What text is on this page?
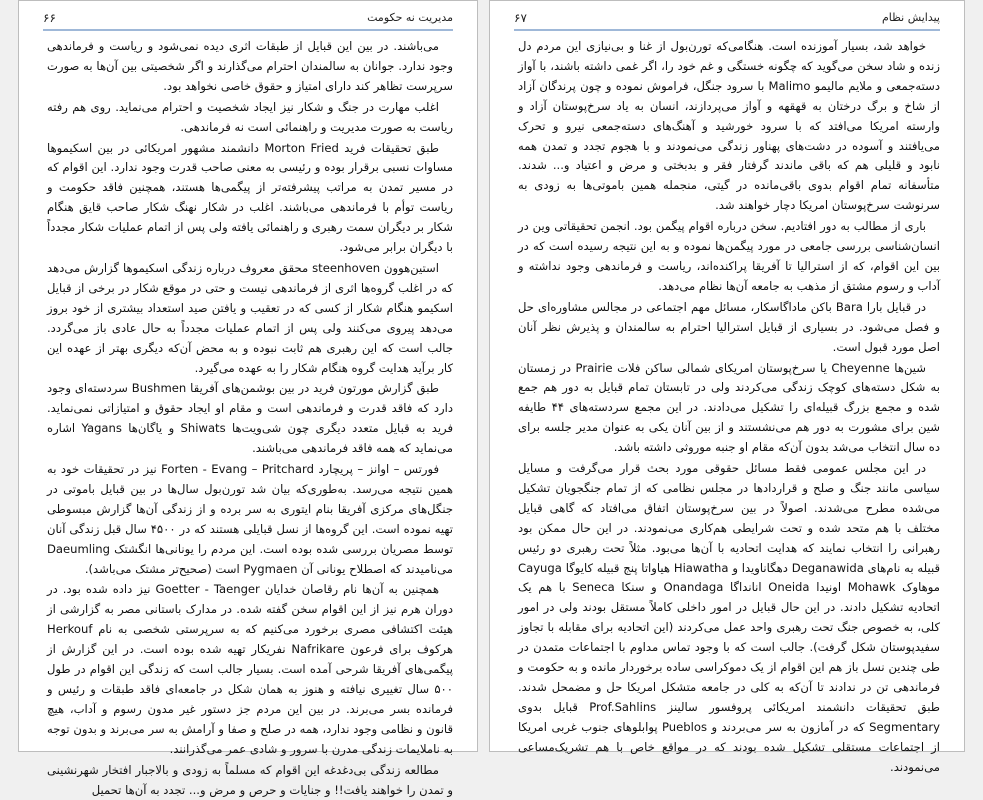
۶۶	مدیریت نه حکومت

می‌باشند. در بین این قبایل از طبقات اثری دیده نمی‌شود و ریاست و فرماندهی وجود ندارد. جوانان به سالمندان احترام می‌گذارند و اگر شخصیتی بین آن‌ها به صورت سرپرست تظاهر کند دارای امتیاز و حقوق خاصی نخواهد بود.

اغلب مهارت در جنگ و شکار نیز ایجاد شخصیت و احترام می‌نماید. روی هم رفته ریاست به صورت مدیریت و راهنمائی است نه فرماندهی.

طبق تحقیقات فرید Morton Fried دانشمند مشهور امریکائی در بین اسکیموها مساوات نسبی برقرار بوده و رئیسی به معنی صاحب قدرت وجود ندارد. این اقوام که در مسیر تمدن به مراتب پیشرفته‌تر از پیگمی‌ها هستند، همچنین فاقد حکومت و ریاست توأم با فرماندهی می‌باشند. اغلب در شکار نهنگ شکار صاحب قایق هنگام شکار بر دیگران سمت رهبری و راهنمائی یافته ولی پس از اتمام عملیات شکار مجدداً با دیگران برابر می‌شود.

استین‌هوون steenhoven محقق معروف درباره زندگی اسکیموها گزارش می‌دهد که در اغلب گروه‌ها اثری از فرماندهی نیست و حتی در موقع شکار در برخی از قبایل اسکیمو هنگام شکار از کسی که در تعقیب و یافتن صید استعداد بیشتری از خود بروز می‌دهد پیروی می‌کنند ولی پس از اتمام عملیات مجدداً به حال عادی باز می‌گردد. جالب است که این رهبری هم ثابت نبوده و به محض آن‌که دیگری بهتر از عهده این کار برآید هدایت گروه هنگام شکار را به عهده می‌گیرد.

طبق گزارش مورتون فرید در بین بوشمن‌های آفریقا Bushmen سردسته‌ای وجود دارد که فاقد قدرت و فرماندهی است و مقام او ایجاد حقوق و امتیازاتی نمی‌نماید. فرید به قبایل متعدد دیگری چون شی‌ویت‌ها Shiwats و یاگان‌ها Yagans اشاره می‌نماید که همه فاقد فرماندهی می‌باشند.

فورتس – اوانز – پریچارد Forten - Evang – Pritchard نیز در تحقیقات خود به همین نتیجه می‌رسد. به‌طوری‌که بیان شد تورن‌بول سال‌ها در بین قبایل باموتی در جنگل‌های مرکزی آفریقا بنام ایتوری به سر برده و از زندگی آن‌ها گزارش مبسوطی تهیه نموده است. این گروه‌ها از نسل قبایلی هستند که در ۴۵۰۰ سال قبل زندگی آنان توسط مصریان بررسی شده بوده است. این مردم را یونانی‌ها انگشتک Daeumling می‌نامیدند که اصطلاح یونانی آن Pygmaen است (صحیح‌تر مشتک می‌باشد).

همچنین به آن‌ها نام رقاصان خدایان Goetter - Taenger نیز داده شده بود. در دوران هرم نیز از این اقوام سخن گفته شده. در مدارک باستانی مصر به گزارشی از هیئت اکتشافی مصری برخورد می‌کنیم که به سرپرستی شخصی به نام Herkouf هرکوف برای فرعون Nafrikare نفریکار تهیه شده بوده است. در این گزارش از پیگمی‌های آفریقا شرحی آمده است. بسیار جالب است که زندگی این اقوام در طول ۵۰۰ سال تغییری نیافته و هنوز به همان شکل در جامعه‌ای فاقد طبقات و رئیس و فرمانده بسر می‌برند. در بین این مردم جز دستور غیر مدون رسوم و آداب، هیچ قانون و نظامی وجود ندارد، همه در صلح و صفا و آرامش به سر می‌برند و بدون توجه به ناملایمات زندگی مدرن با سرور و شادی عمر می‌گذرانند.

مطالعه زندگی بی‌دغدغه این اقوام که مسلماً به زودی و بالاجبار افتخار شهرنشینی و تمدن را خواهند یافت!! و جنایات و حرص و مرض و... تجدد به آن‌ها تحمیل

۶۷	پیدایش نظام

خواهد شد، بسیار آموزنده است. هنگامی‌که تورن‌بول از غنا و بی‌نیازی این مردم دل زنده و شاد سخن می‌گوید که چگونه خستگی و غم خود را، اگر غمی داشته باشند، با آواز دسته‌جمعی و ملایم مالیمو Malimo با سرود جنگل، فراموش نموده و چون پرندگان آزاد از شاخ و برگ درختان به قهقهه و آواز می‌پردازند، انسان به یاد سرخ‌پوستان آزاد و وارسته امریکا می‌افتد که با سرود خورشید و آهنگ‌های دسته‌جمعی نیرو و تحرک می‌یافتند و آسوده در دشت‌های پهناور زندگی می‌نمودند و با هجوم تجدد و تمدن همه نابود و قلیلی هم که باقی ماندند گرفتار فقر و بدبختی و مرض و اعتیاد و... شدند. متأسفانه تمام اقوام بدوی باقی‌مانده در گیتی، منجمله همین باموتی‌ها به زودی به سرنوشت سرخ‌پوستان امریکا دچار خواهند شد.

باری از مطالب به دور افتادیم. سخن درباره اقوام پیگمن بود. انجمن تحقیقاتی وین در انسان‌شناسی بررسی جامعی در مورد پیگمن‌ها نموده و به این نتیجه رسیده است که در بین این اقوام، که از استرالیا تا آفریقا پراکنده‌اند، ریاست و فرماندهی وجود نداشته و آداب و رسوم مشتق از مذهب به جامعه آن‌ها نظام می‌دهد.

در قبایل بارا Bara باکن ماداگاسکار، مسائل مهم اجتماعی در مجالس مشاوره‌ای حل و فصل می‌شود. در بسیاری از قبایل استرالیا احترام به سالمندان و پذیرش نظر آنان اصل مورد قبول است.

شین‌ها Cheyenne یا سرخ‌پوستان امریکای شمالی ساکن فلات Prairie در زمستان به شکل دسته‌های کوچک زندگی می‌کردند ولی در تابستان تمام قبایل به دور هم جمع شده و مجمع بزرگ قبیله‌ای را تشکیل می‌دادند. در این مجمع سردسته‌های ۴۴ طایفه شین برای مشورت به دور هم می‌نشستند و از بین آنان یکی به عنوان مدیر جلسه برای ده سال انتخاب می‌شد بدون آن‌که مقام او جنبه موروثی داشته باشد.

در این مجلس عمومی فقط مسائل حقوقی مورد بحث قرار می‌گرفت و مسایل سیاسی مانند جنگ و صلح و قراردادها در مجلس نظامی که از تمام جنگجویان تشکیل می‌شده مطرح می‌شدند. اصولاً در بین سرخ‌پوستان اتفاق می‌افتاد که گاهی قبایل مختلف با هم متحد شده و تحت شرایطی هم‌کاری می‌نمودند. در این حال ممکن بود رهبرانی را انتخاب نمایند که هدایت اتحادیه با آن‌ها می‌بود. مثلاً تحت رهبری دو رئیس قبیله به نام‌های Deganawida دهگاناویدا و Hiawatha هیاواتا پنج قبیله کایوگا Cayuga موهاوک Mohawk اونیدا Oneida انانداگا Onandaga و سنکا Seneca با هم یک اتحادیه تشکیل دادند. در این حال قبایل در امور داخلی کاملاً مستقل بودند ولی در امور کلی، به خصوص جنگ تحت رهبری واحد عمل می‌کردند (این اتحادیه برای مقابله با تجاوز سفیدپوستان شکل گرفت). جالب است که با وجود تماس مداوم با اجتماعات متمدن در طی چندین نسل باز هم این اقوام از یک دموکراسی ساده برخوردار مانده و به حکومت و فرماندهی تن در ندادند تا آن‌که به کلی در جامعه متشکل امریکا حل و مضمحل شدند. طبق تحقیقات دانشمند امریکائی پروفسور سالینز Prof.Sahlins قبایل بدوی Segmentary که در آمازون به سر می‌بردند و Pueblos پوابلوهای جنوب غربی امریکا از اجتماعات مستقلی تشکیل شده بودند که در مواقع خاص با هم تشریک‌مساعی می‌نمودند.
